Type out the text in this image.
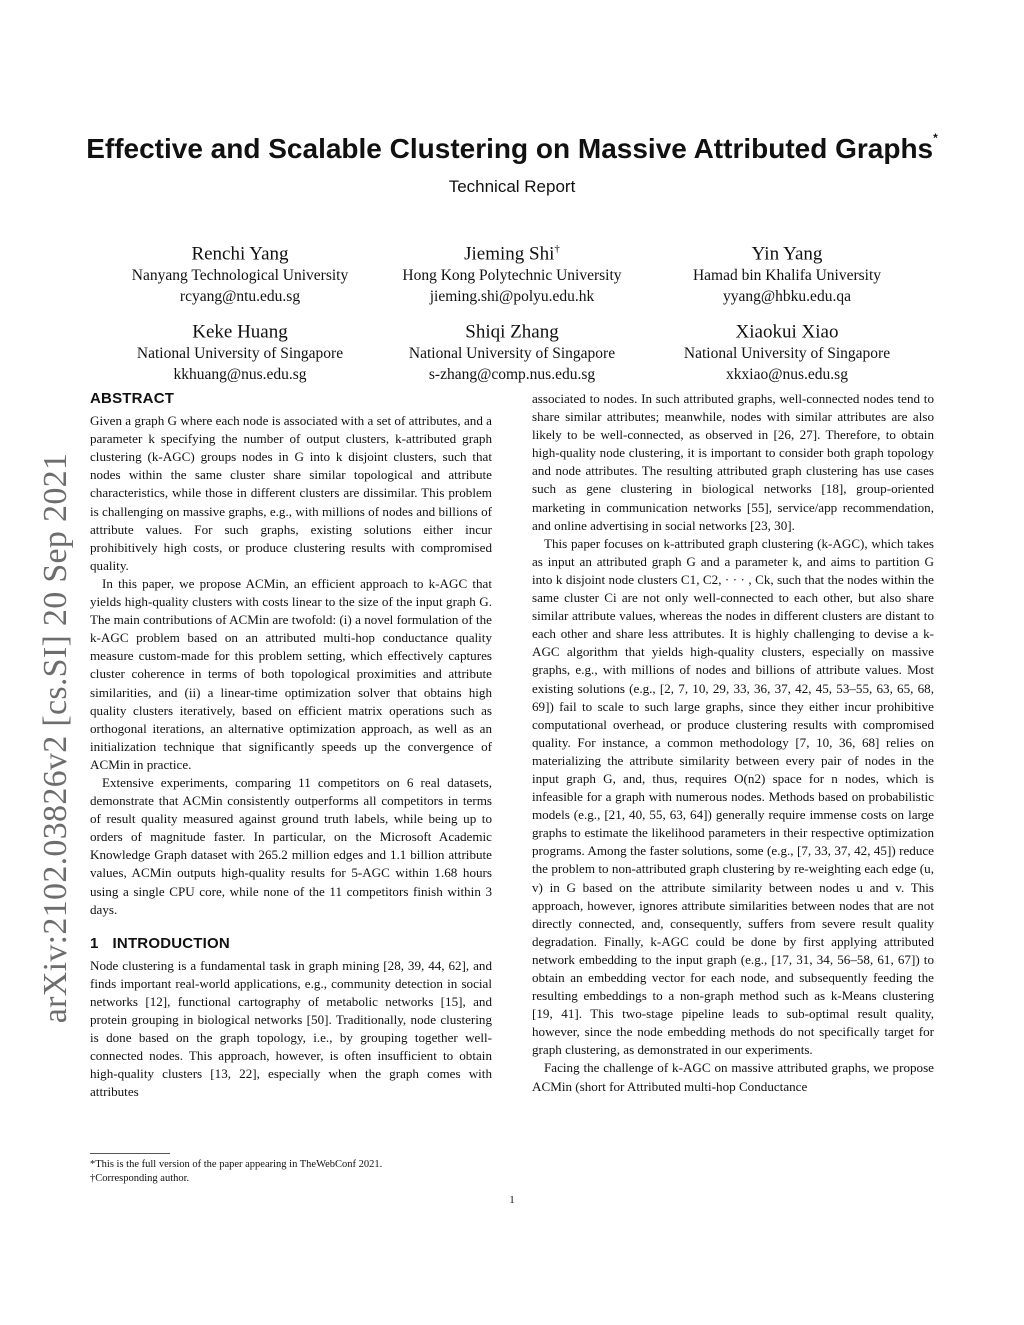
arXiv:2102.03826v2 [cs.SI] 20 Sep 2021
Effective and Scalable Clustering on Massive Attributed Graphs*
Technical Report
Renchi Yang
Nanyang Technological University
rcyang@ntu.edu.sg
Jieming Shi†
Hong Kong Polytechnic University
jieming.shi@polyu.edu.hk
Yin Yang
Hamad bin Khalifa University
yyang@hbku.edu.qa
Keke Huang
National University of Singapore
kkhuang@nus.edu.sg
Shiqi Zhang
National University of Singapore
s-zhang@comp.nus.edu.sg
Xiaokui Xiao
National University of Singapore
xkxiao@nus.edu.sg
ABSTRACT

Given a graph G where each node is associated with a set of attributes, and a parameter k specifying the number of output clusters, k-attributed graph clustering (k-AGC) groups nodes in G into k disjoint clusters, such that nodes within the same cluster share similar topological and attribute characteristics, while those in different clusters are dissimilar. This problem is challenging on massive graphs, e.g., with millions of nodes and billions of attribute values. For such graphs, existing solutions either incur prohibitively high costs, or produce clustering results with compromised quality.

In this paper, we propose ACMin, an efficient approach to k-AGC that yields high-quality clusters with costs linear to the size of the input graph G. The main contributions of ACMin are twofold: (i) a novel formulation of the k-AGC problem based on an attributed multi-hop conductance quality measure custom-made for this problem setting, which effectively captures cluster coherence in terms of both topological proximities and attribute similarities, and (ii) a linear-time optimization solver that obtains high quality clusters iteratively, based on efficient matrix operations such as orthogonal iterations, an alternative optimization approach, as well as an initialization technique that significantly speeds up the convergence of ACMin in practice.

Extensive experiments, comparing 11 competitors on 6 real datasets, demonstrate that ACMin consistently outperforms all competitors in terms of result quality measured against ground truth labels, while being up to orders of magnitude faster. In particular, on the Microsoft Academic Knowledge Graph dataset with 265.2 million edges and 1.1 billion attribute values, ACMin outputs high-quality results for 5-AGC within 1.68 hours using a single CPU core, while none of the 11 competitors finish within 3 days.

1 INTRODUCTION

Node clustering is a fundamental task in graph mining [28, 39, 44, 62], and finds important real-world applications, e.g., community detection in social networks [12], functional cartography of metabolic networks [15], and protein grouping in biological networks [50]. Traditionally, node clustering is done based on the graph topology, i.e., by grouping together well-connected nodes. This approach, however, is often insufficient to obtain high-quality clusters [13, 22], especially when the graph comes with attributes

associated to nodes. In such attributed graphs, well-connected nodes tend to share similar attributes; meanwhile, nodes with similar attributes are also likely to be well-connected, as observed in [26, 27]. Therefore, to obtain high-quality node clustering, it is important to consider both graph topology and node attributes. The resulting attributed graph clustering has use cases such as gene clustering in biological networks [18], group-oriented marketing in communication networks [55], service/app recommendation, and online advertising in social networks [23, 30].

This paper focuses on k-attributed graph clustering (k-AGC), which takes as input an attributed graph G and a parameter k, and aims to partition G into k disjoint node clusters C1, C2, · · · , Ck, such that the nodes within the same cluster Ci are not only well-connected to each other, but also share similar attribute values, whereas the nodes in different clusters are distant to each other and share less attributes. It is highly challenging to devise a k-AGC algorithm that yields high-quality clusters, especially on massive graphs, e.g., with millions of nodes and billions of attribute values. Most existing solutions (e.g., [2, 7, 10, 29, 33, 36, 37, 42, 45, 53–55, 63, 65, 68, 69]) fail to scale to such large graphs, since they either incur prohibitive computational overhead, or produce clustering results with compromised quality. For instance, a common methodology [7, 10, 36, 68] relies on materializing the attribute similarity between every pair of nodes in the input graph G, and, thus, requires O(n2) space for n nodes, which is infeasible for a graph with numerous nodes. Methods based on probabilistic models (e.g., [21, 40, 55, 63, 64]) generally require immense costs on large graphs to estimate the likelihood parameters in their respective optimization programs. Among the faster solutions, some (e.g., [7, 33, 37, 42, 45]) reduce the problem to non-attributed graph clustering by re-weighting each edge (u, v) in G based on the attribute similarity between nodes u and v. This approach, however, ignores attribute similarities between nodes that are not directly connected, and, consequently, suffers from severe result quality degradation. Finally, k-AGC could be done by first applying attributed network embedding to the input graph (e.g., [17, 31, 34, 56–58, 61, 67]) to obtain an embedding vector for each node, and subsequently feeding the resulting embeddings to a non-graph method such as k-Means clustering [19, 41]. This two-stage pipeline leads to sub-optimal result quality, however, since the node embedding methods do not specifically target for graph clustering, as demonstrated in our experiments.

Facing the challenge of k-AGC on massive attributed graphs, we propose ACMin (short for Attributed multi-hop Conductance

*This is the full version of the paper appearing in TheWebConf 2021.
†Corresponding author.
1
